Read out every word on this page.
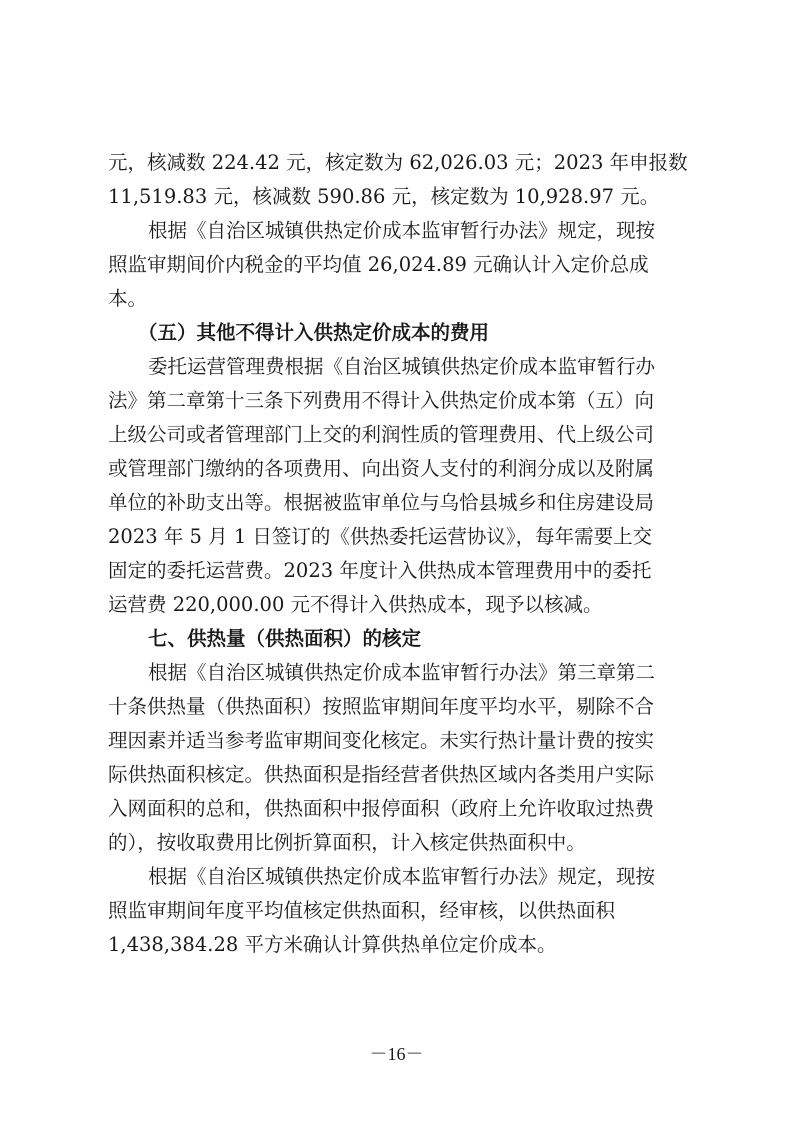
元，核减数 224.42 元，核定数为 62,026.03 元；2023 年申报数
11,519.83 元，核减数 590.86 元，核定数为 10,928.97 元。
根据《自治区城镇供热定价成本监审暂行办法》规定，现按
照监审期间价内税金的平均值 26,024.89 元确认计入定价总成
本。
（五）其他不得计入供热定价成本的费用
委托运营管理费根据《自治区城镇供热定价成本监审暂行办
法》第二章第十三条下列费用不得计入供热定价成本第（五）向
上级公司或者管理部门上交的利润性质的管理费用、代上级公司
或管理部门缴纳的各项费用、向出资人支付的利润分成以及附属
单位的补助支出等。根据被监审单位与乌恰县城乡和住房建设局
2023 年 5 月 1 日签订的《供热委托运营协议》，每年需要上交
固定的委托运营费。2023 年度计入供热成本管理费用中的委托
运营费 220,000.00 元不得计入供热成本，现予以核减。
七、供热量（供热面积）的核定
根据《自治区城镇供热定价成本监审暂行办法》第三章第二
十条供热量（供热面积）按照监审期间年度平均水平，剔除不合
理因素并适当参考监审期间变化核定。未实行热计量计费的按实
际供热面积核定。供热面积是指经营者供热区域内各类用户实际
入网面积的总和，供热面积中报停面积（政府上允许收取过热费
的），按收取费用比例折算面积，计入核定供热面积中。
根据《自治区城镇供热定价成本监审暂行办法》规定，现按
照监审期间年度平均值核定供热面积，经审核，以供热面积
1,438,384.28 平方米确认计算供热单位定价成本。
－16－
